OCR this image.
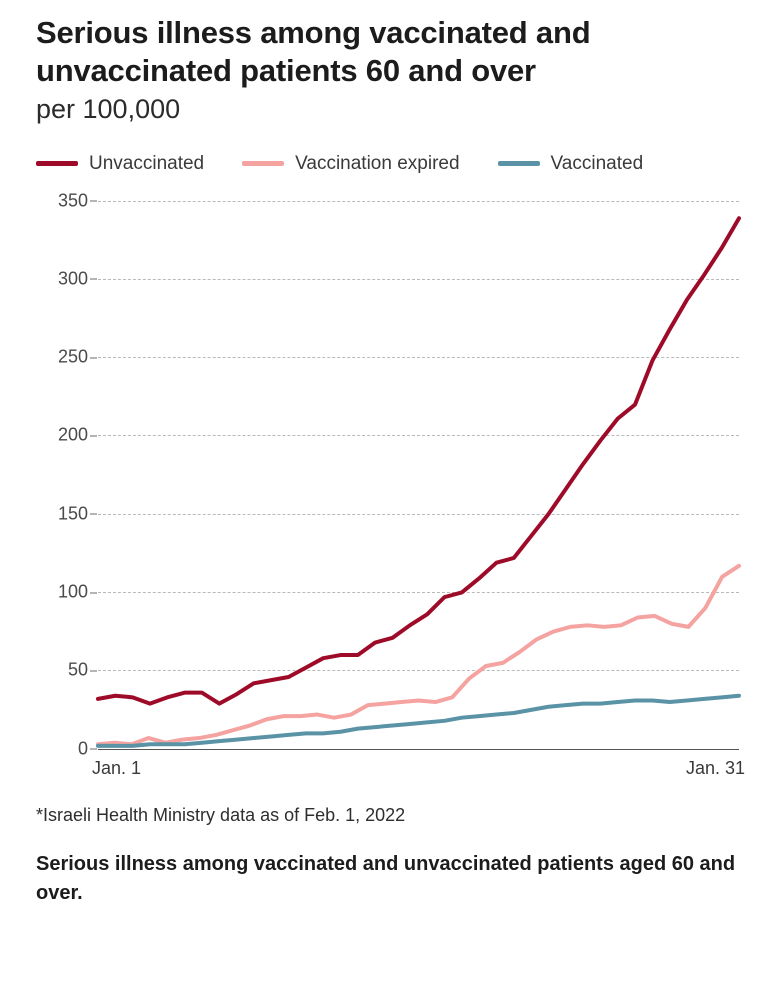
Serious illness among vaccinated and unvaccinated patients 60 and over
per 100,000
Unvaccinated	Vaccination expired	Vaccinated
0
50
100
150
200
250
300
350
Jan. 1	Jan. 31
*Israeli Health Ministry data as of Feb. 1, 2022
Serious illness among vaccinated and unvaccinated patients aged 60 and over.
